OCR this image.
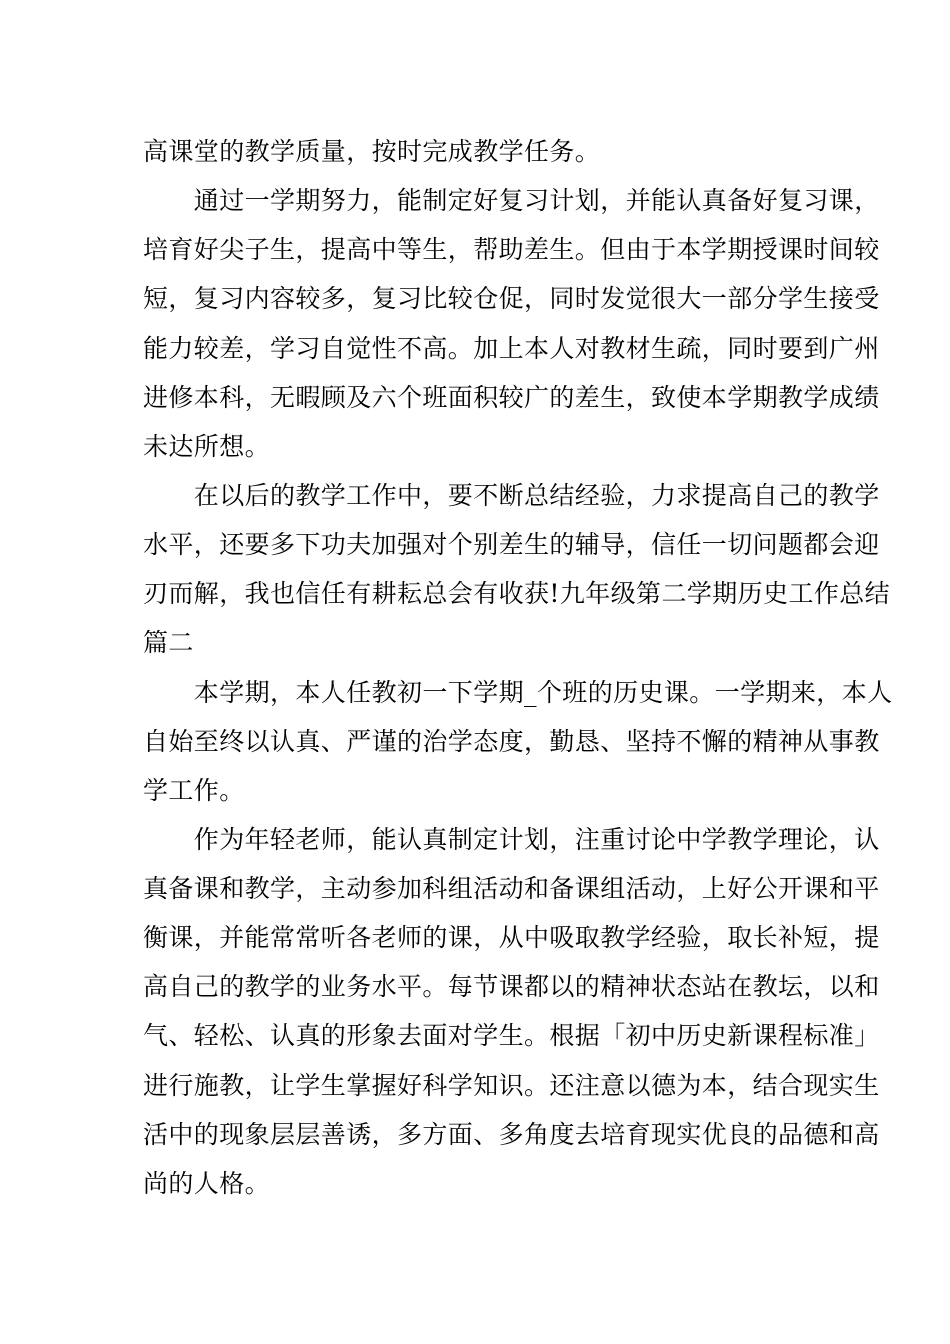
高课堂的教学质量，按时完成教学任务。
　　通过一学期努力，能制定好复习计划，并能认真备好复习课，
培育好尖子生，提高中等生，帮助差生。但由于本学期授课时间较
短，复习内容较多，复习比较仓促，同时发觉很大一部分学生接受
能力较差，学习自觉性不高。加上本人对教材生疏，同时要到广州
进修本科，无暇顾及六个班面积较广的差生，致使本学期教学成绩
未达所想。
　　在以后的教学工作中，要不断总结经验，力求提高自己的教学
水平，还要多下功夫加强对个别差生的辅导，信任一切问题都会迎
刃而解，我也信任有耕耘总会有收获!九年级第二学期历史工作总结
篇二
　　本学期，本人任教初一下学期_个班的历史课。一学期来，本人
自始至终以认真、严谨的治学态度，勤恳、坚持不懈的精神从事教
学工作。
　　作为年轻老师，能认真制定计划，注重讨论中学教学理论，认
真备课和教学，主动参加科组活动和备课组活动，上好公开课和平
衡课，并能常常听各老师的课，从中吸取教学经验，取长补短，提
高自己的教学的业务水平。每节课都以的精神状态站在教坛，以和
气、轻松、认真的形象去面对学生。根据「初中历史新课程标准」
进行施教，让学生掌握好科学知识。还注意以德为本，结合现实生
活中的现象层层善诱，多方面、多角度去培育现实优良的品德和高
尚的人格。
